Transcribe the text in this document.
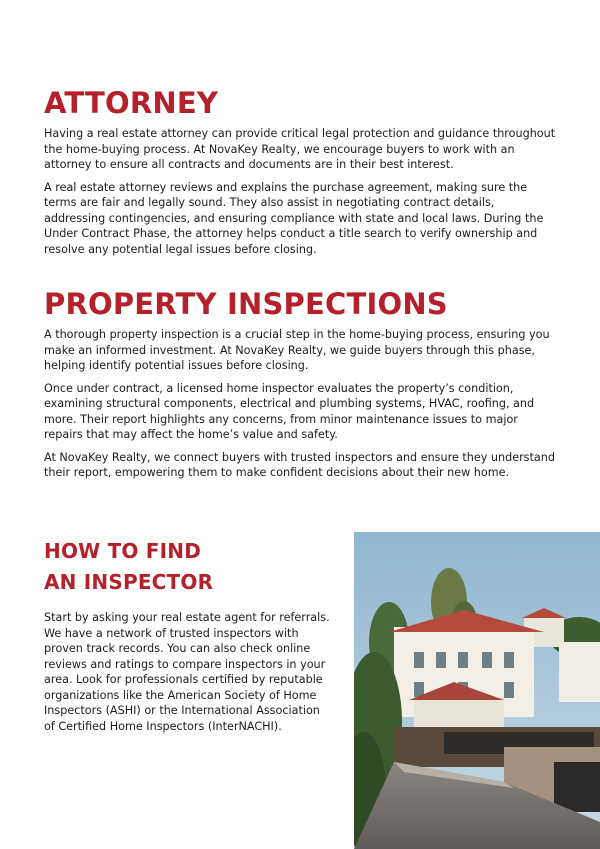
ATTORNEY

Having a real estate attorney can provide critical legal protection and guidance throughout the home-buying process. At NovaKey Realty, we encourage buyers to work with an attorney to ensure all contracts and documents are in their best interest.

A real estate attorney reviews and explains the purchase agreement, making sure the terms are fair and legally sound. They also assist in negotiating contract details, addressing contingencies, and ensuring compliance with state and local laws. During the Under Contract Phase, the attorney helps conduct a title search to verify ownership and resolve any potential legal issues before closing.

PROPERTY INSPECTIONS

A thorough property inspection is a crucial step in the home-buying process, ensuring you make an informed investment. At NovaKey Realty, we guide buyers through this phase, helping identify potential issues before closing.

Once under contract, a licensed home inspector evaluates the property’s condition, examining structural components, electrical and plumbing systems, HVAC, roofing, and more. Their report highlights any concerns, from minor maintenance issues to major repairs that may affect the home’s value and safety.

At NovaKey Realty, we connect buyers with trusted inspectors and ensure they understand their report, empowering them to make confident decisions about their new home.

HOW TO FIND
AN INSPECTOR

Start by asking your real estate agent for referrals. We have a network of trusted inspectors with proven track records. You can also check online reviews and ratings to compare inspectors in your area. Look for professionals certified by reputable organizations like the American Society of Home Inspectors (ASHI) or the International Association of Certified Home Inspectors (InterNACHI).
